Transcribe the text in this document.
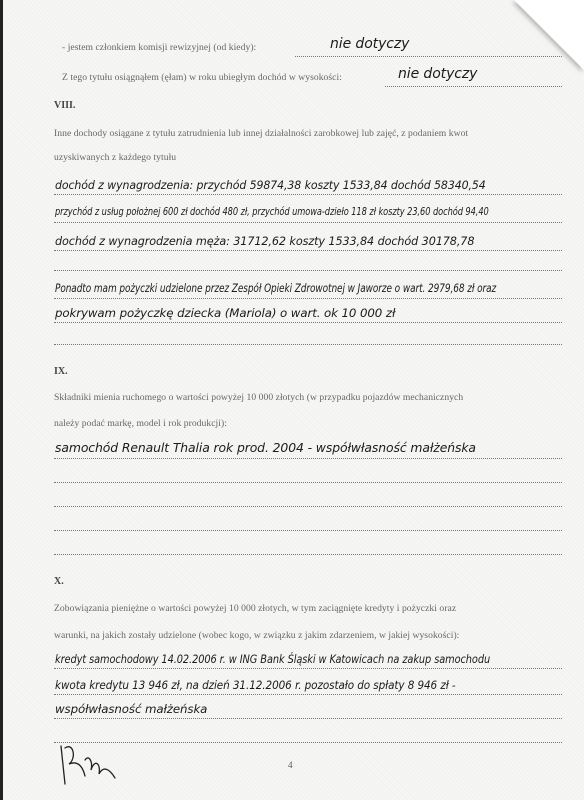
- jestem członkiem komisji rewizyjnej (od kiedy):	nie dotyczy
Z tego tytułu osiągnąłem (ęłam) w roku ubiegłym dochód w wysokości:	nie dotyczy
VIII.
Inne dochody osiągane z tytułu zatrudnienia lub innej działalności zarobkowej lub zajęć, z podaniem kwot
uzyskiwanych z każdego tytułu
dochód z wynagrodzenia: przychód 59874,38 koszty 1533,84 dochód 58340,54
przychód z usług położnej 600 zł dochód 480 zł, przychód umowa-dzieło 118 zł koszty 23,60 dochód 94,40
dochód z wynagrodzenia męża: 31712,62 koszty 1533,84 dochód 30178,78
Ponadto mam pożyczki udzielone przez Zespół Opieki Zdrowotnej w Jaworze o wart. 2979,68 zł oraz
pokrywam pożyczkę dziecka (Mariola) o wart. ok 10 000 zł
IX.
Składniki mienia ruchomego o wartości powyżej 10 000 złotych (w przypadku pojazdów mechanicznych
należy podać markę, model i rok produkcji):
samochód Renault Thalia rok prod. 2004 - współwłasność małżeńska
X.
Zobowiązania pieniężne o wartości powyżej 10 000 złotych, w tym zaciągnięte kredyty i pożyczki oraz
warunki, na jakich zostały udzielone (wobec kogo, w związku z jakim zdarzeniem, w jakiej wysokości):
kredyt samochodowy 14.02.2006 r. w ING Bank Śląski w Katowicach na zakup samochodu
kwota kredytu 13 946 zł, na dzień 31.12.2006 r. pozostało do spłaty 8 946 zł -
współwłasność małżeńska
4
